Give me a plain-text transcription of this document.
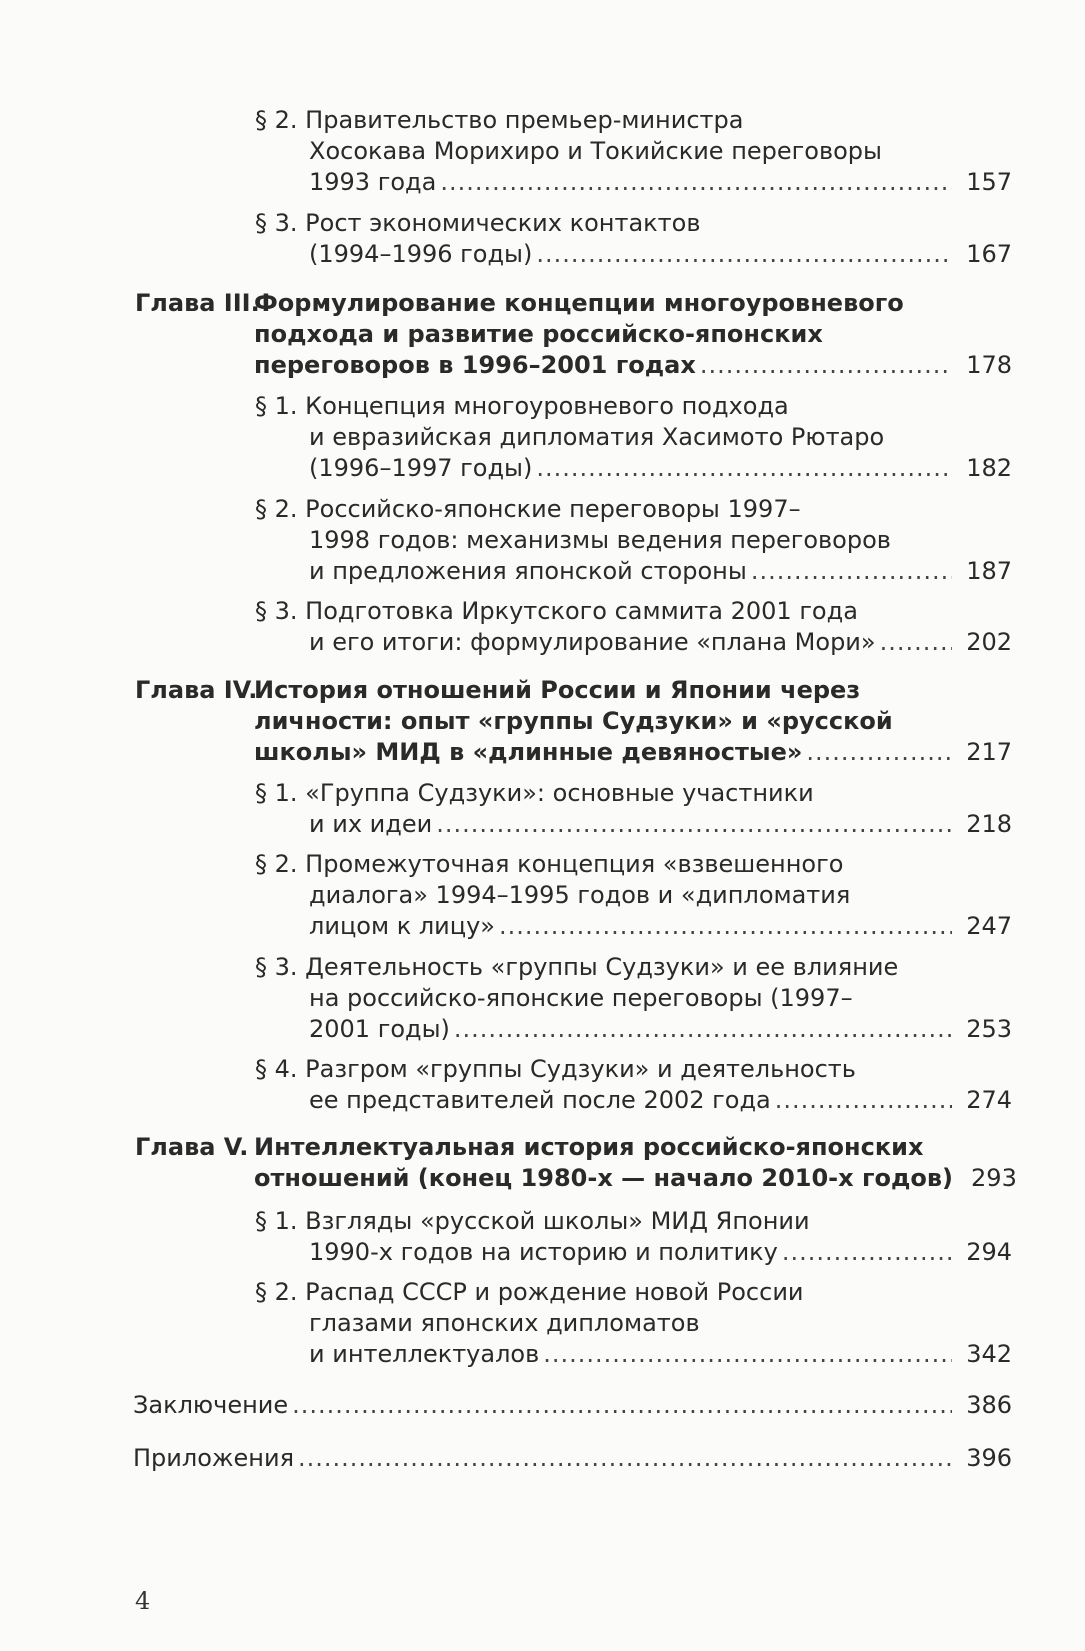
§ 2. Правительство премьер-министра
Хосокава Морихиро и Токийские переговоры
1993 года .....	157
§ 3. Рост экономических контактов
(1994–1996 годы) .....	167
Глава III.
Формулирование концепции многоуровневого
подхода и развитие российско-японских
переговоров в 1996–2001 годах .....	178
§ 1. Концепция многоуровневого подхода
и евразийская дипломатия Хасимото Рютаро
(1996–1997 годы) .....	182
§ 2. Российско-японские переговоры 1997–
1998 годов: механизмы ведения переговоров
и предложения японской стороны .....	187
§ 3. Подготовка Иркутского саммита 2001 года
и его итоги: формулирование «плана Мори» .....	202
Глава IV.
История отношений России и Японии через
личности: опыт «группы Судзуки» и «русской
школы» МИД в «длинные девяностые» .....	217
§ 1. «Группа Судзуки»: основные участники
и их идеи .....	218
§ 2. Промежуточная концепция «взвешенного
диалога» 1994–1995 годов и «дипломатия
лицом к лицу» .....	247
§ 3. Деятельность «группы Судзуки» и ее влияние
на российско-японские переговоры (1997–
2001 годы) .....	253
§ 4. Разгром «группы Судзуки» и деятельность
ее представителей после 2002 года .....	274
Глава V. Интеллектуальная история российско-японских
отношений (конец 1980-х — начало 2010-х годов) 293
§ 1. Взгляды «русской школы» МИД Японии
1990-х годов на историю и политику .....	294
§ 2. Распад СССР и рождение новой России
глазами японских дипломатов
и интеллектуалов .....	342
Заключение .....	386
Приложения .....	396
4
